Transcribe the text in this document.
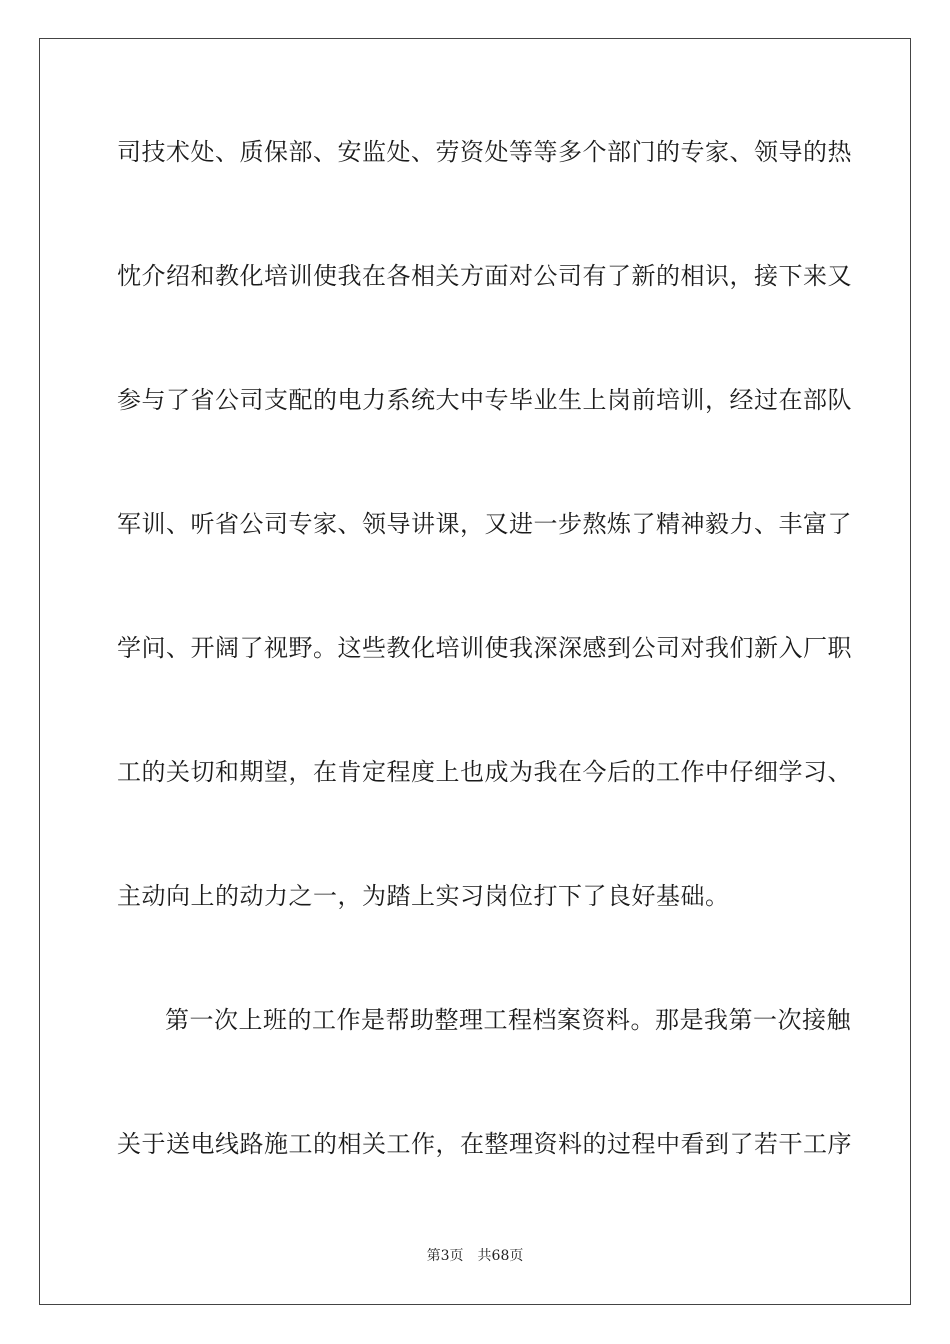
司技术处、质保部、安监处、劳资处等等多个部门的专家、领导的热
忱介绍和教化培训使我在各相关方面对公司有了新的相识，接下来又
参与了省公司支配的电力系统大中专毕业生上岗前培训，经过在部队
军训、听省公司专家、领导讲课，又进一步熬炼了精神毅力、丰富了
学问、开阔了视野。这些教化培训使我深深感到公司对我们新入厂职
工的关切和期望，在肯定程度上也成为我在今后的工作中仔细学习、
主动向上的动力之一，为踏上实习岗位打下了良好基础。
第一次上班的工作是帮助整理工程档案资料。那是我第一次接触
关于送电线路施工的相关工作，在整理资料的过程中看到了若干工序
第3页 共68页
